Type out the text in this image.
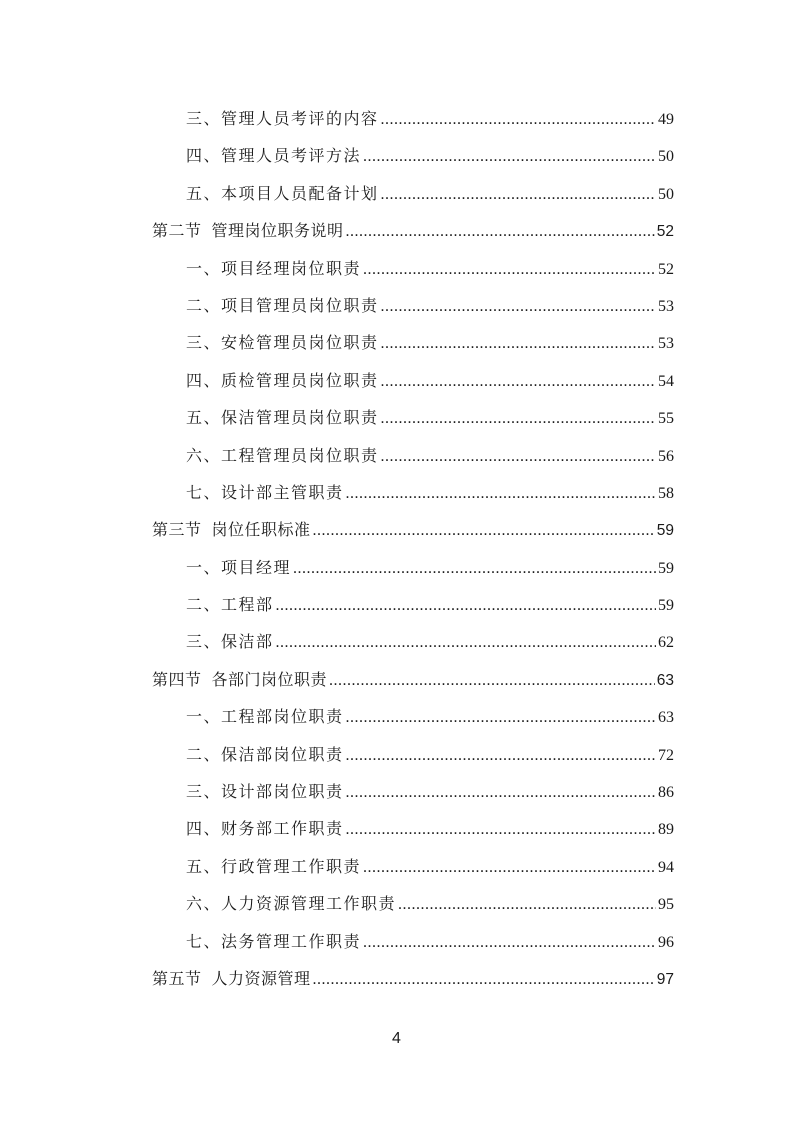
三、 管理人员考评的内容 .....	49
四、 管理人员考评方法 .....	50
五、 本项目人员配备计划 .....	50
第二节 管理岗位职务说明 .....	52
一、 项目经理岗位职责 .....	52
二、 项目管理员岗位职责 .....	53
三、 安检管理员岗位职责 .....	53
四、 质检管理员岗位职责 .....	54
五、 保洁管理员岗位职责 .....	55
六、 工程管理员岗位职责 .....	56
七、 设计部主管职责 .....	58
第三节 岗位任职标准 .....	59
一、 项目经理 .....	59
二、 工程部 .....	59
三、 保洁部 .....	62
第四节 各部门岗位职责 .....	63
一、 工程部岗位职责 .....	63
二、 保洁部岗位职责 .....	72
三、 设计部岗位职责 .....	86
四、 财务部工作职责 .....	89
五、 行政管理工作职责 .....	94
六、 人力资源管理工作职责 .....	95
七、 法务管理工作职责 .....	96
第五节 人力资源管理 .....	97
4
